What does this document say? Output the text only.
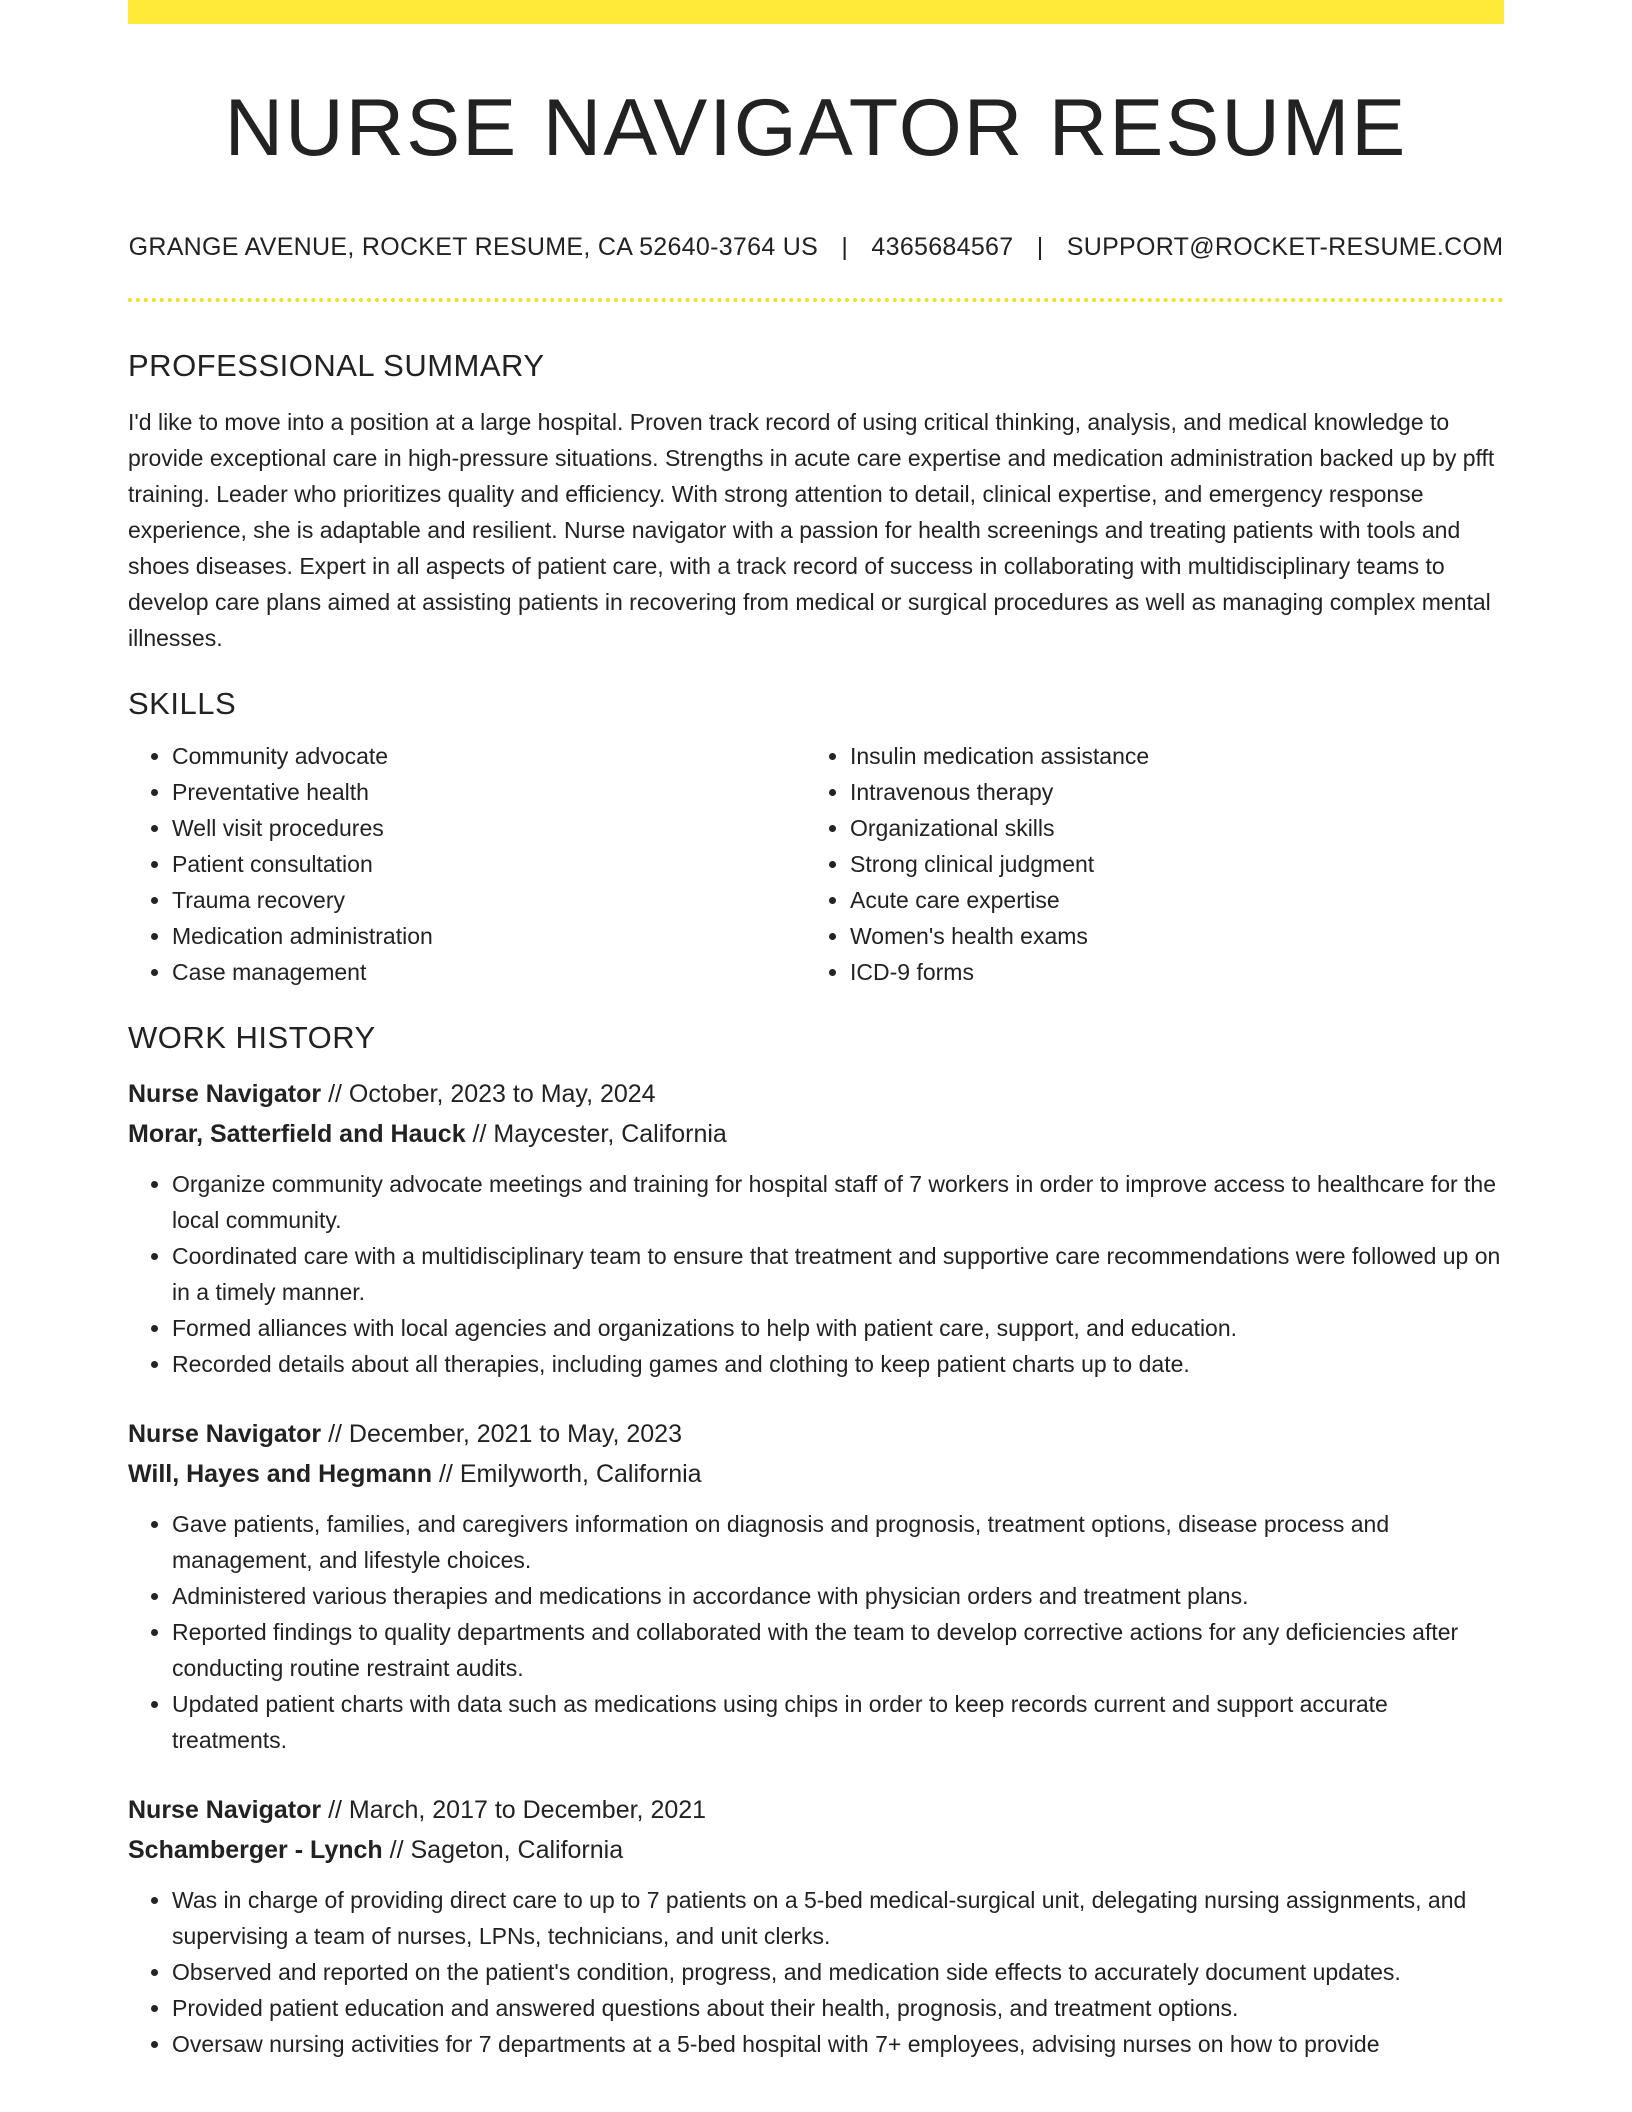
NURSE NAVIGATOR RESUME
GRANGE AVENUE, ROCKET RESUME, CA 52640-3764 US | 4365684567 | SUPPORT@ROCKET-RESUME.COM
PROFESSIONAL SUMMARY

I'd like to move into a position at a large hospital. Proven track record of using critical thinking, analysis, and medical knowledge to provide exceptional care in high-pressure situations. Strengths in acute care expertise and medication administration backed up by pfft training. Leader who prioritizes quality and efficiency. With strong attention to detail, clinical expertise, and emergency response experience, she is adaptable and resilient. Nurse navigator with a passion for health screenings and treating patients with tools and shoes diseases. Expert in all aspects of patient care, with a track record of success in collaborating with multidisciplinary teams to develop care plans aimed at assisting patients in recovering from medical or surgical procedures as well as managing complex mental illnesses.

SKILLS
• Community advocate
• Preventative health
• Well visit procedures
• Patient consultation
• Trauma recovery
• Medication administration
• Case management
• Insulin medication assistance
• Intravenous therapy
• Organizational skills
• Strong clinical judgment
• Acute care expertise
• Women's health exams
• ICD-9 forms
WORK HISTORY
Nurse Navigator // October, 2023 to May, 2024
Morar, Satterfield and Hauck // Maycester, California
• Organize community advocate meetings and training for hospital staff of 7 workers in order to improve access to healthcare for the local community.
• Coordinated care with a multidisciplinary team to ensure that treatment and supportive care recommendations were followed up on in a timely manner.
• Formed alliances with local agencies and organizations to help with patient care, support, and education.
• Recorded details about all therapies, including games and clothing to keep patient charts up to date.
Nurse Navigator // December, 2021 to May, 2023
Will, Hayes and Hegmann // Emilyworth, California
• Gave patients, families, and caregivers information on diagnosis and prognosis, treatment options, disease process and management, and lifestyle choices.
• Administered various therapies and medications in accordance with physician orders and treatment plans.
• Reported findings to quality departments and collaborated with the team to develop corrective actions for any deficiencies after conducting routine restraint audits.
• Updated patient charts with data such as medications using chips in order to keep records current and support accurate treatments.
Nurse Navigator // March, 2017 to December, 2021
Schamberger - Lynch // Sageton, California
• Was in charge of providing direct care to up to 7 patients on a 5-bed medical-surgical unit, delegating nursing assignments, and supervising a team of nurses, LPNs, technicians, and unit clerks.
• Observed and reported on the patient's condition, progress, and medication side effects to accurately document updates.
• Provided patient education and answered questions about their health, prognosis, and treatment options.
• Oversaw nursing activities for 7 departments at a 5-bed hospital with 7+ employees, advising nurses on how to provide
